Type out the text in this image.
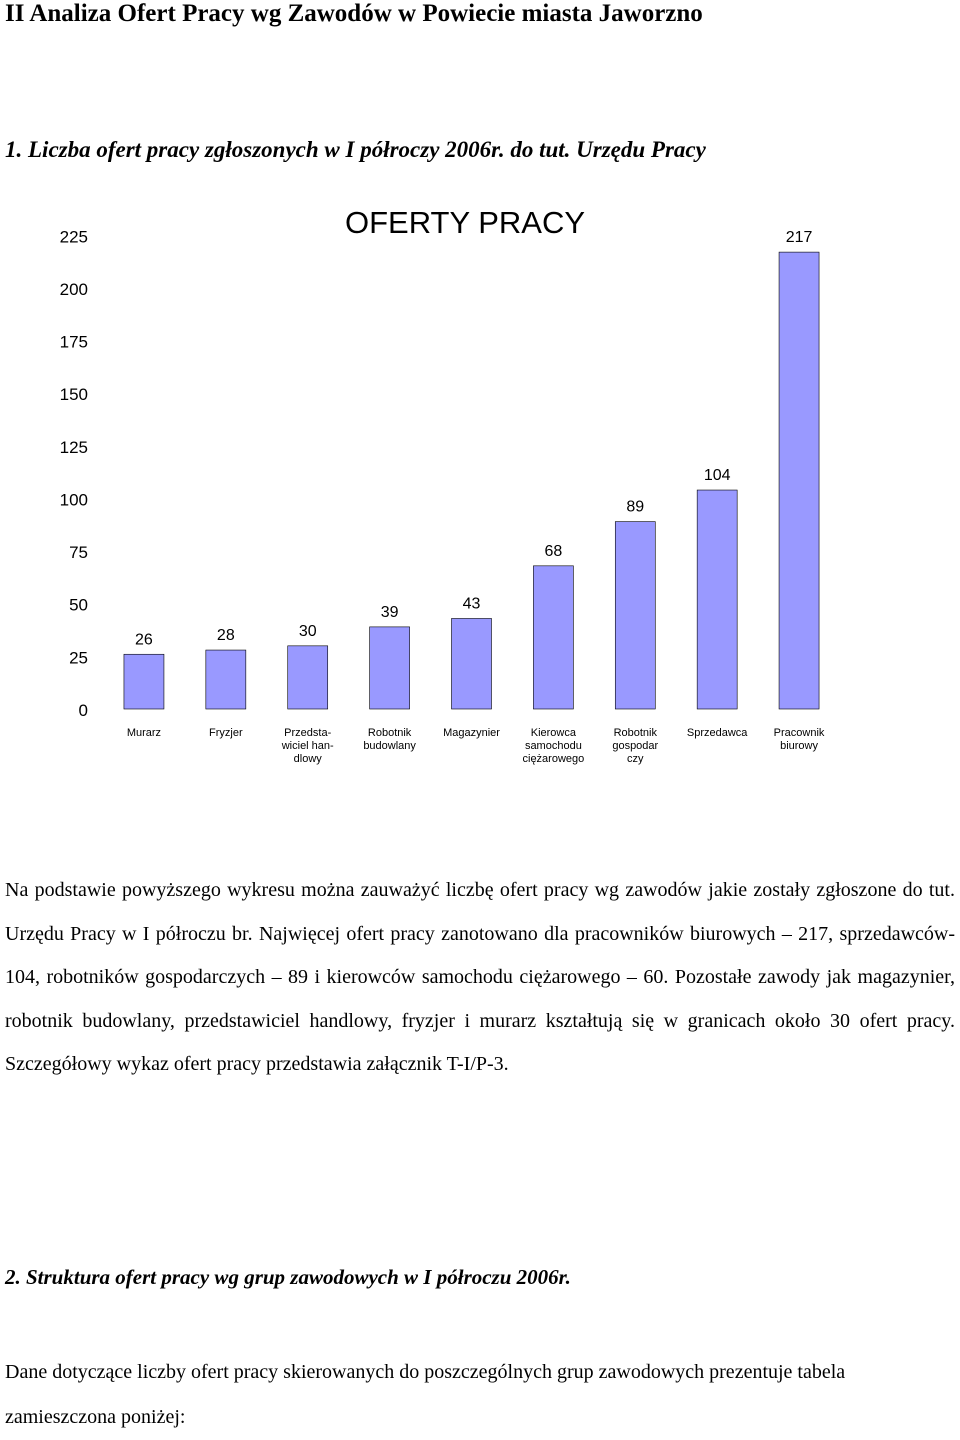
II Analiza Ofert Pracy wg Zawodów w Powiecie miasta Jaworzno
1. Liczba ofert pracy zgłoszonych w I półroczy 2006r. do tut. Urzędu Pracy
OFERTY PRACY
0
25
50
75
100
125
150
175
200
225
26	28	30
39	43
68
89
104
217
Murarz	Fryzjer	Przedsta-wiciel han-dlowy
Robotnik budowlany
Magazynier	Kierowca samochodu ciężarowego
Robotnik gospodar czy
Sprzedawca Pracownik biurowy
Na podstawie powyższego wykresu można zauważyć liczbę ofert pracy wg zawodów jakie zostały zgłoszone do tut. Urzędu Pracy w I półroczu br. Najwięcej ofert pracy zanotowano dla pracowników biurowych – 217, sprzedawców- 104, robotników gospodarczych – 89 i kierowców samochodu ciężarowego – 60. Pozostałe zawody jak magazynier, robotnik budowlany, przedstawiciel handlowy, fryzjer i murarz kształtują się w granicach około 30 ofert pracy. Szczegółowy wykaz ofert pracy przedstawia załącznik T-I/P-3.
2. Struktura ofert pracy wg grup zawodowych w I półroczu 2006r.
Dane dotyczące liczby ofert pracy skierowanych do poszczególnych grup zawodowych prezentuje tabela zamieszczona poniżej:
